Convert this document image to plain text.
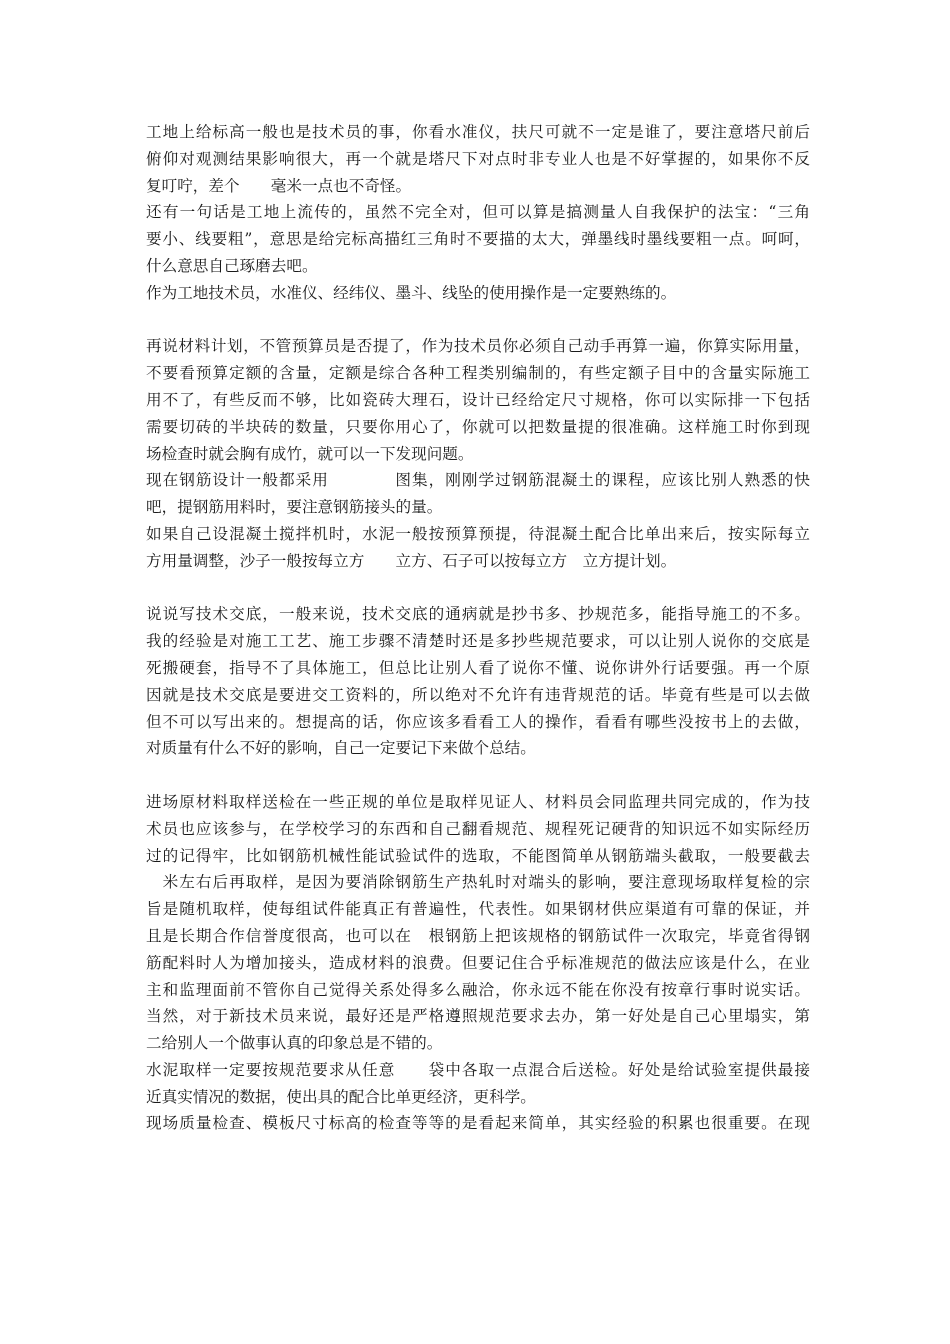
工地上给标高一般也是技术员的事，你看水准仪，扶尺可就不一定是谁了，要注意塔尺前后
俯仰对观测结果影响很大，再一个就是塔尺下对点时非专业人也是不好掌握的，如果你不反
复叮咛，差个　　毫米一点也不奇怪。
还有一句话是工地上流传的，虽然不完全对，但可以算是搞测量人自我保护的法宝：“三角
要小、线要粗”，意思是给完标高描红三角时不要描的太大，弹墨线时墨线要粗一点。呵呵，
什么意思自己琢磨去吧。
作为工地技术员，水准仪、经纬仪、墨斗、线坠的使用操作是一定要熟练的。
再说材料计划，不管预算员是否提了，作为技术员你必须自己动手再算一遍，你算实际用量，
不要看预算定额的含量，定额是综合各种工程类别编制的，有些定额子目中的含量实际施工
用不了，有些反而不够，比如瓷砖大理石，设计已经给定尺寸规格，你可以实际排一下包括
需要切砖的半块砖的数量，只要你用心了，你就可以把数量提的很准确。这样施工时你到现
场检查时就会胸有成竹，就可以一下发现问题。
现在钢筋设计一般都采用　　　　图集，刚刚学过钢筋混凝土的课程，应该比别人熟悉的快
吧，提钢筋用料时，要注意钢筋接头的量。
如果自己设混凝土搅拌机时，水泥一般按预算预提，待混凝土配合比单出来后，按实际每立
方用量调整，沙子一般按每立方　　立方、石子可以按每立方　立方提计划。
说说写技术交底，一般来说，技术交底的通病就是抄书多、抄规范多，能指导施工的不多。
我的经验是对施工工艺、施工步骤不清楚时还是多抄些规范要求，可以让别人说你的交底是
死搬硬套，指导不了具体施工，但总比让别人看了说你不懂、说你讲外行话要强。再一个原
因就是技术交底是要进交工资料的，所以绝对不允许有违背规范的话。毕竟有些是可以去做
但不可以写出来的。想提高的话，你应该多看看工人的操作，看看有哪些没按书上的去做，
对质量有什么不好的影响，自己一定要记下来做个总结。
进场原材料取样送检在一些正规的单位是取样见证人、材料员会同监理共同完成的，作为技
术员也应该参与，在学校学习的东西和自己翻看规范、规程死记硬背的知识远不如实际经历
过的记得牢，比如钢筋机械性能试验试件的选取，不能图简单从钢筋端头截取，一般要截去
　米左右后再取样，是因为要消除钢筋生产热轧时对端头的影响，要注意现场取样复检的宗
旨是随机取样，使每组试件能真正有普遍性，代表性。如果钢材供应渠道有可靠的保证，并
且是长期合作信誉度很高，也可以在　根钢筋上把该规格的钢筋试件一次取完，毕竟省得钢
筋配料时人为增加接头，造成材料的浪费。但要记住合乎标准规范的做法应该是什么，在业
主和监理面前不管你自己觉得关系处得多么融洽，你永远不能在你没有按章行事时说实话。
当然，对于新技术员来说，最好还是严格遵照规范要求去办，第一好处是自己心里塌实，第
二给别人一个做事认真的印象总是不错的。
水泥取样一定要按规范要求从任意　　袋中各取一点混合后送检。好处是给试验室提供最接
近真实情况的数据，使出具的配合比单更经济，更科学。
现场质量检查、模板尺寸标高的检查等等的是看起来简单，其实经验的积累也很重要。在现
